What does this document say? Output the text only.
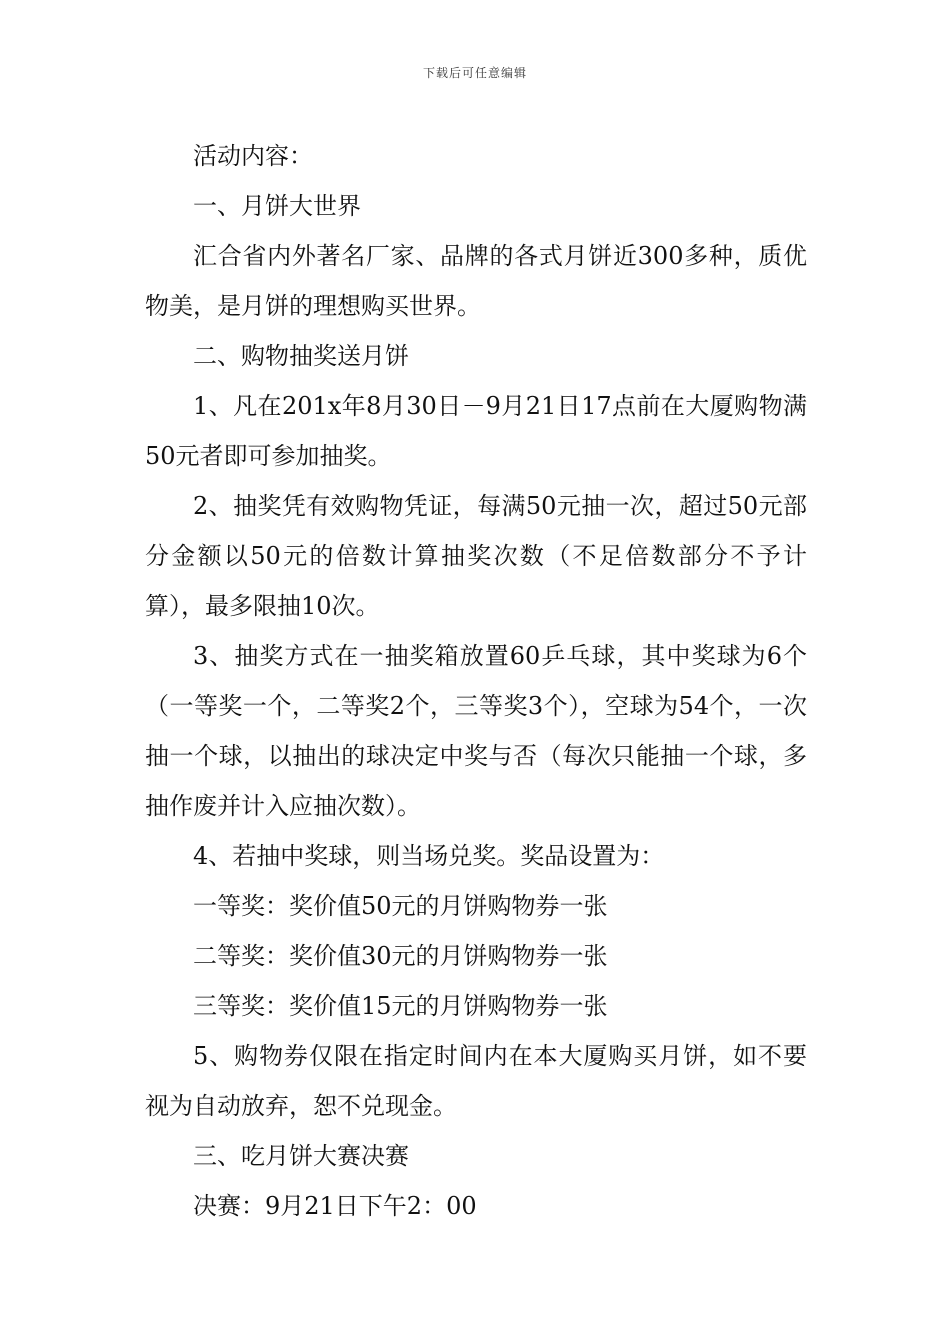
下载后可任意编辑

活动内容：

一、月饼大世界

汇合省内外著名厂家、品牌的各式月饼近300多种，质优物美，是月饼的理想购买世界。

二、购物抽奖送月饼

1、凡在201x年8月30日－9月21日17点前在大厦购物满50元者即可参加抽奖。

2、抽奖凭有效购物凭证，每满50元抽一次，超过50元部分金额以50元的倍数计算抽奖次数（不足倍数部分不予计算），最多限抽10次。

3、抽奖方式在一抽奖箱放置60乒乓球，其中奖球为6个（一等奖一个，二等奖2个，三等奖3个），空球为54个，一次抽一个球，以抽出的球决定中奖与否（每次只能抽一个球，多抽作废并计入应抽次数）。

4、若抽中奖球，则当场兑奖。奖品设置为：

一等奖：奖价值50元的月饼购物券一张

二等奖：奖价值30元的月饼购物券一张

三等奖：奖价值15元的月饼购物券一张

5、购物券仅限在指定时间内在本大厦购买月饼，如不要视为自动放弃，恕不兑现金。

三、吃月饼大赛决赛

决赛：9月21日下午2：00
